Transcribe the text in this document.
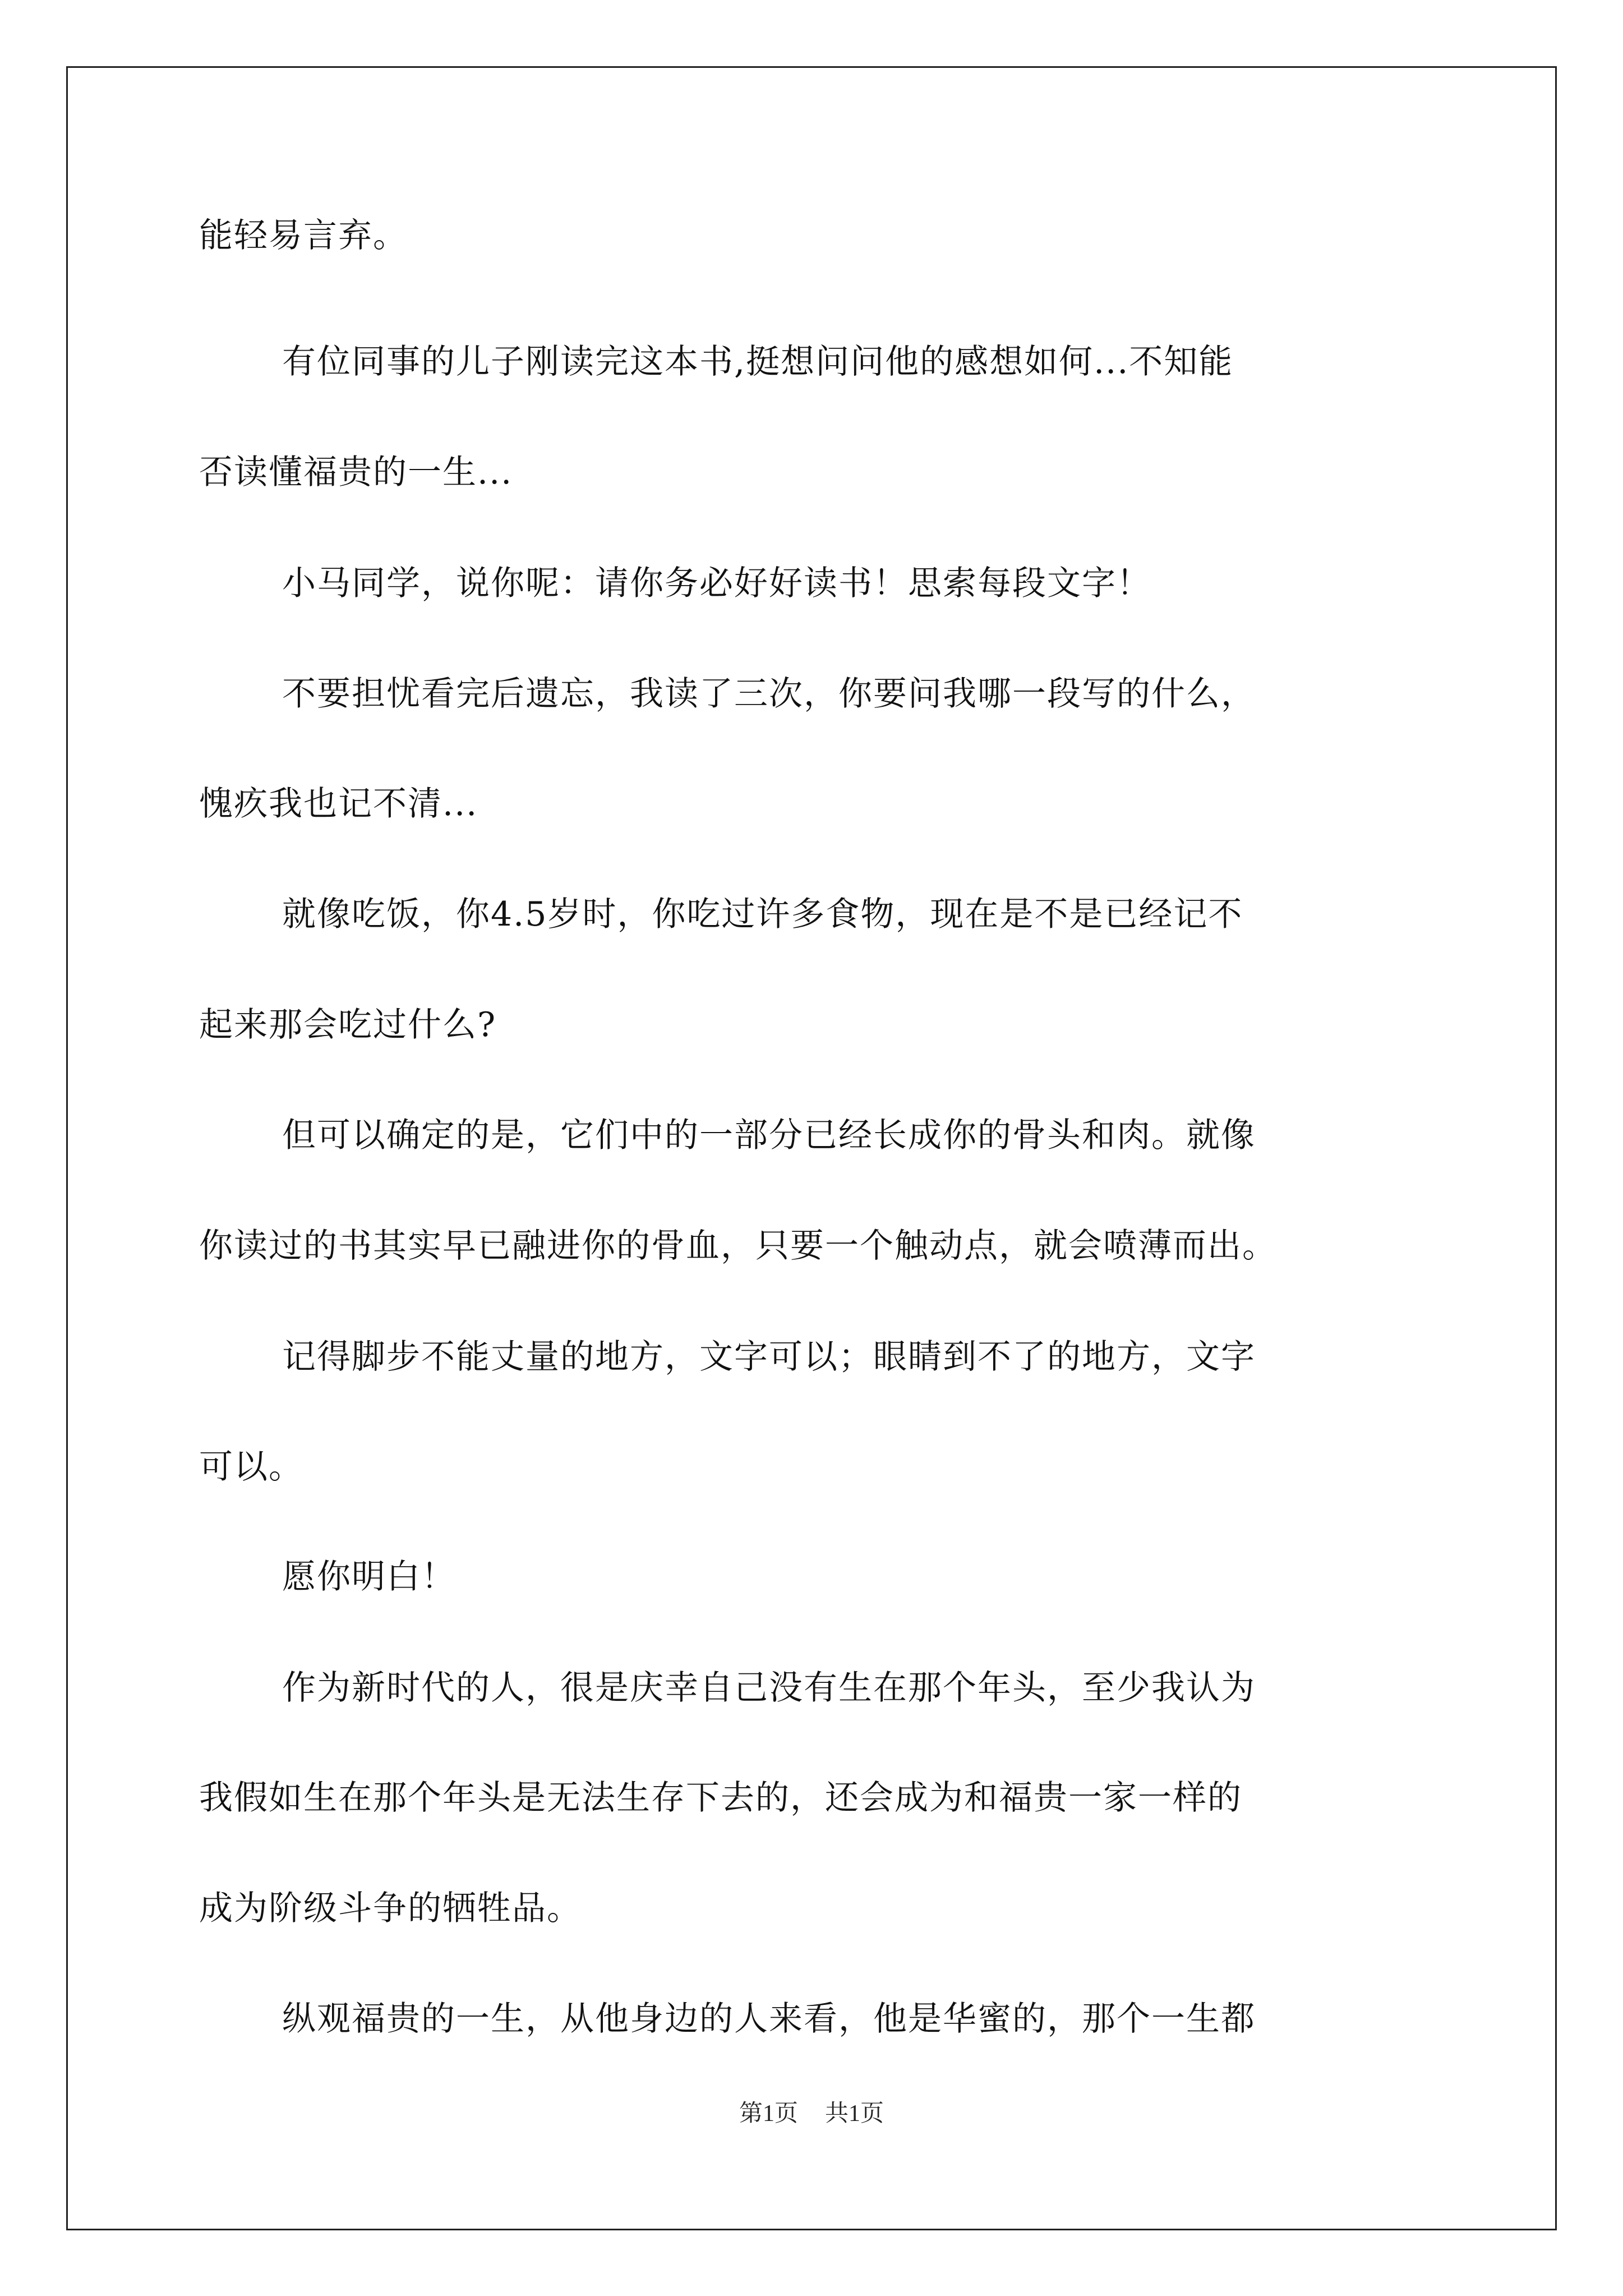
能轻易言弃。
有位同事的儿子刚读完这本书,挺想问问他的感想如何...不知能
否读懂福贵的一生...
小马同学，说你呢：请你务必好好读书！思索每段文字！
不要担忧看完后遗忘，我读了三次，你要问我哪一段写的什么，
愧疚我也记不清...
就像吃饭，你4.5岁时，你吃过许多食物，现在是不是已经记不
起来那会吃过什么?
但可以确定的是，它们中的一部分已经长成你的骨头和肉。就像
你读过的书其实早已融进你的骨血，只要一个触动点，就会喷薄而出。
记得脚步不能丈量的地方，文字可以；眼睛到不了的地方，文字
可以。
愿你明白！
作为新时代的人，很是庆幸自己没有生在那个年头，至少我认为
我假如生在那个年头是无法生存下去的，还会成为和福贵一家一样的
成为阶级斗争的牺牲品。
纵观福贵的一生，从他身边的人来看，他是华蜜的，那个一生都
第1页 共1页
